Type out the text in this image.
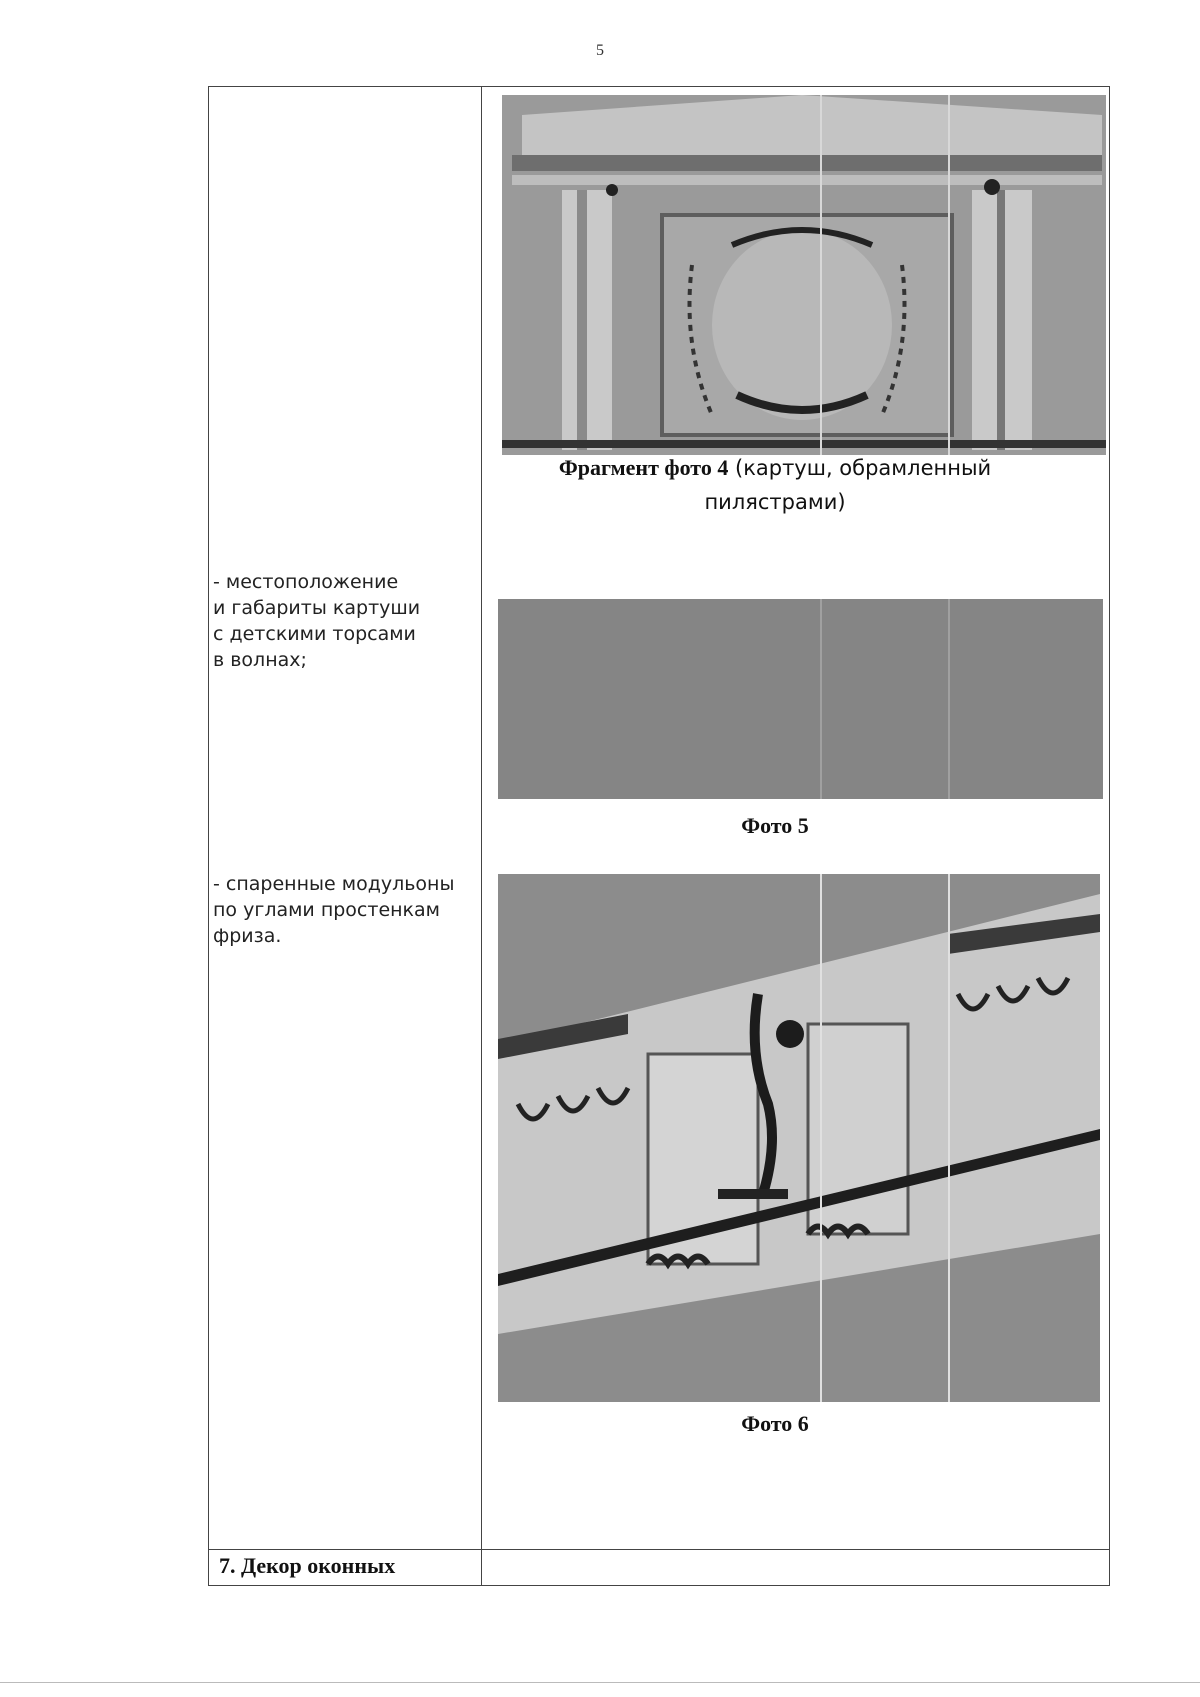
5
- местоположение
и габариты картуши
с детскими торсами
в волнах;
- спаренные модульоны
по углами простенкам
фриза.
7. Декор оконных
Фрагмент фото 4 (картуш, обрамленный пилястрами)
Фото 5
Фото 6
